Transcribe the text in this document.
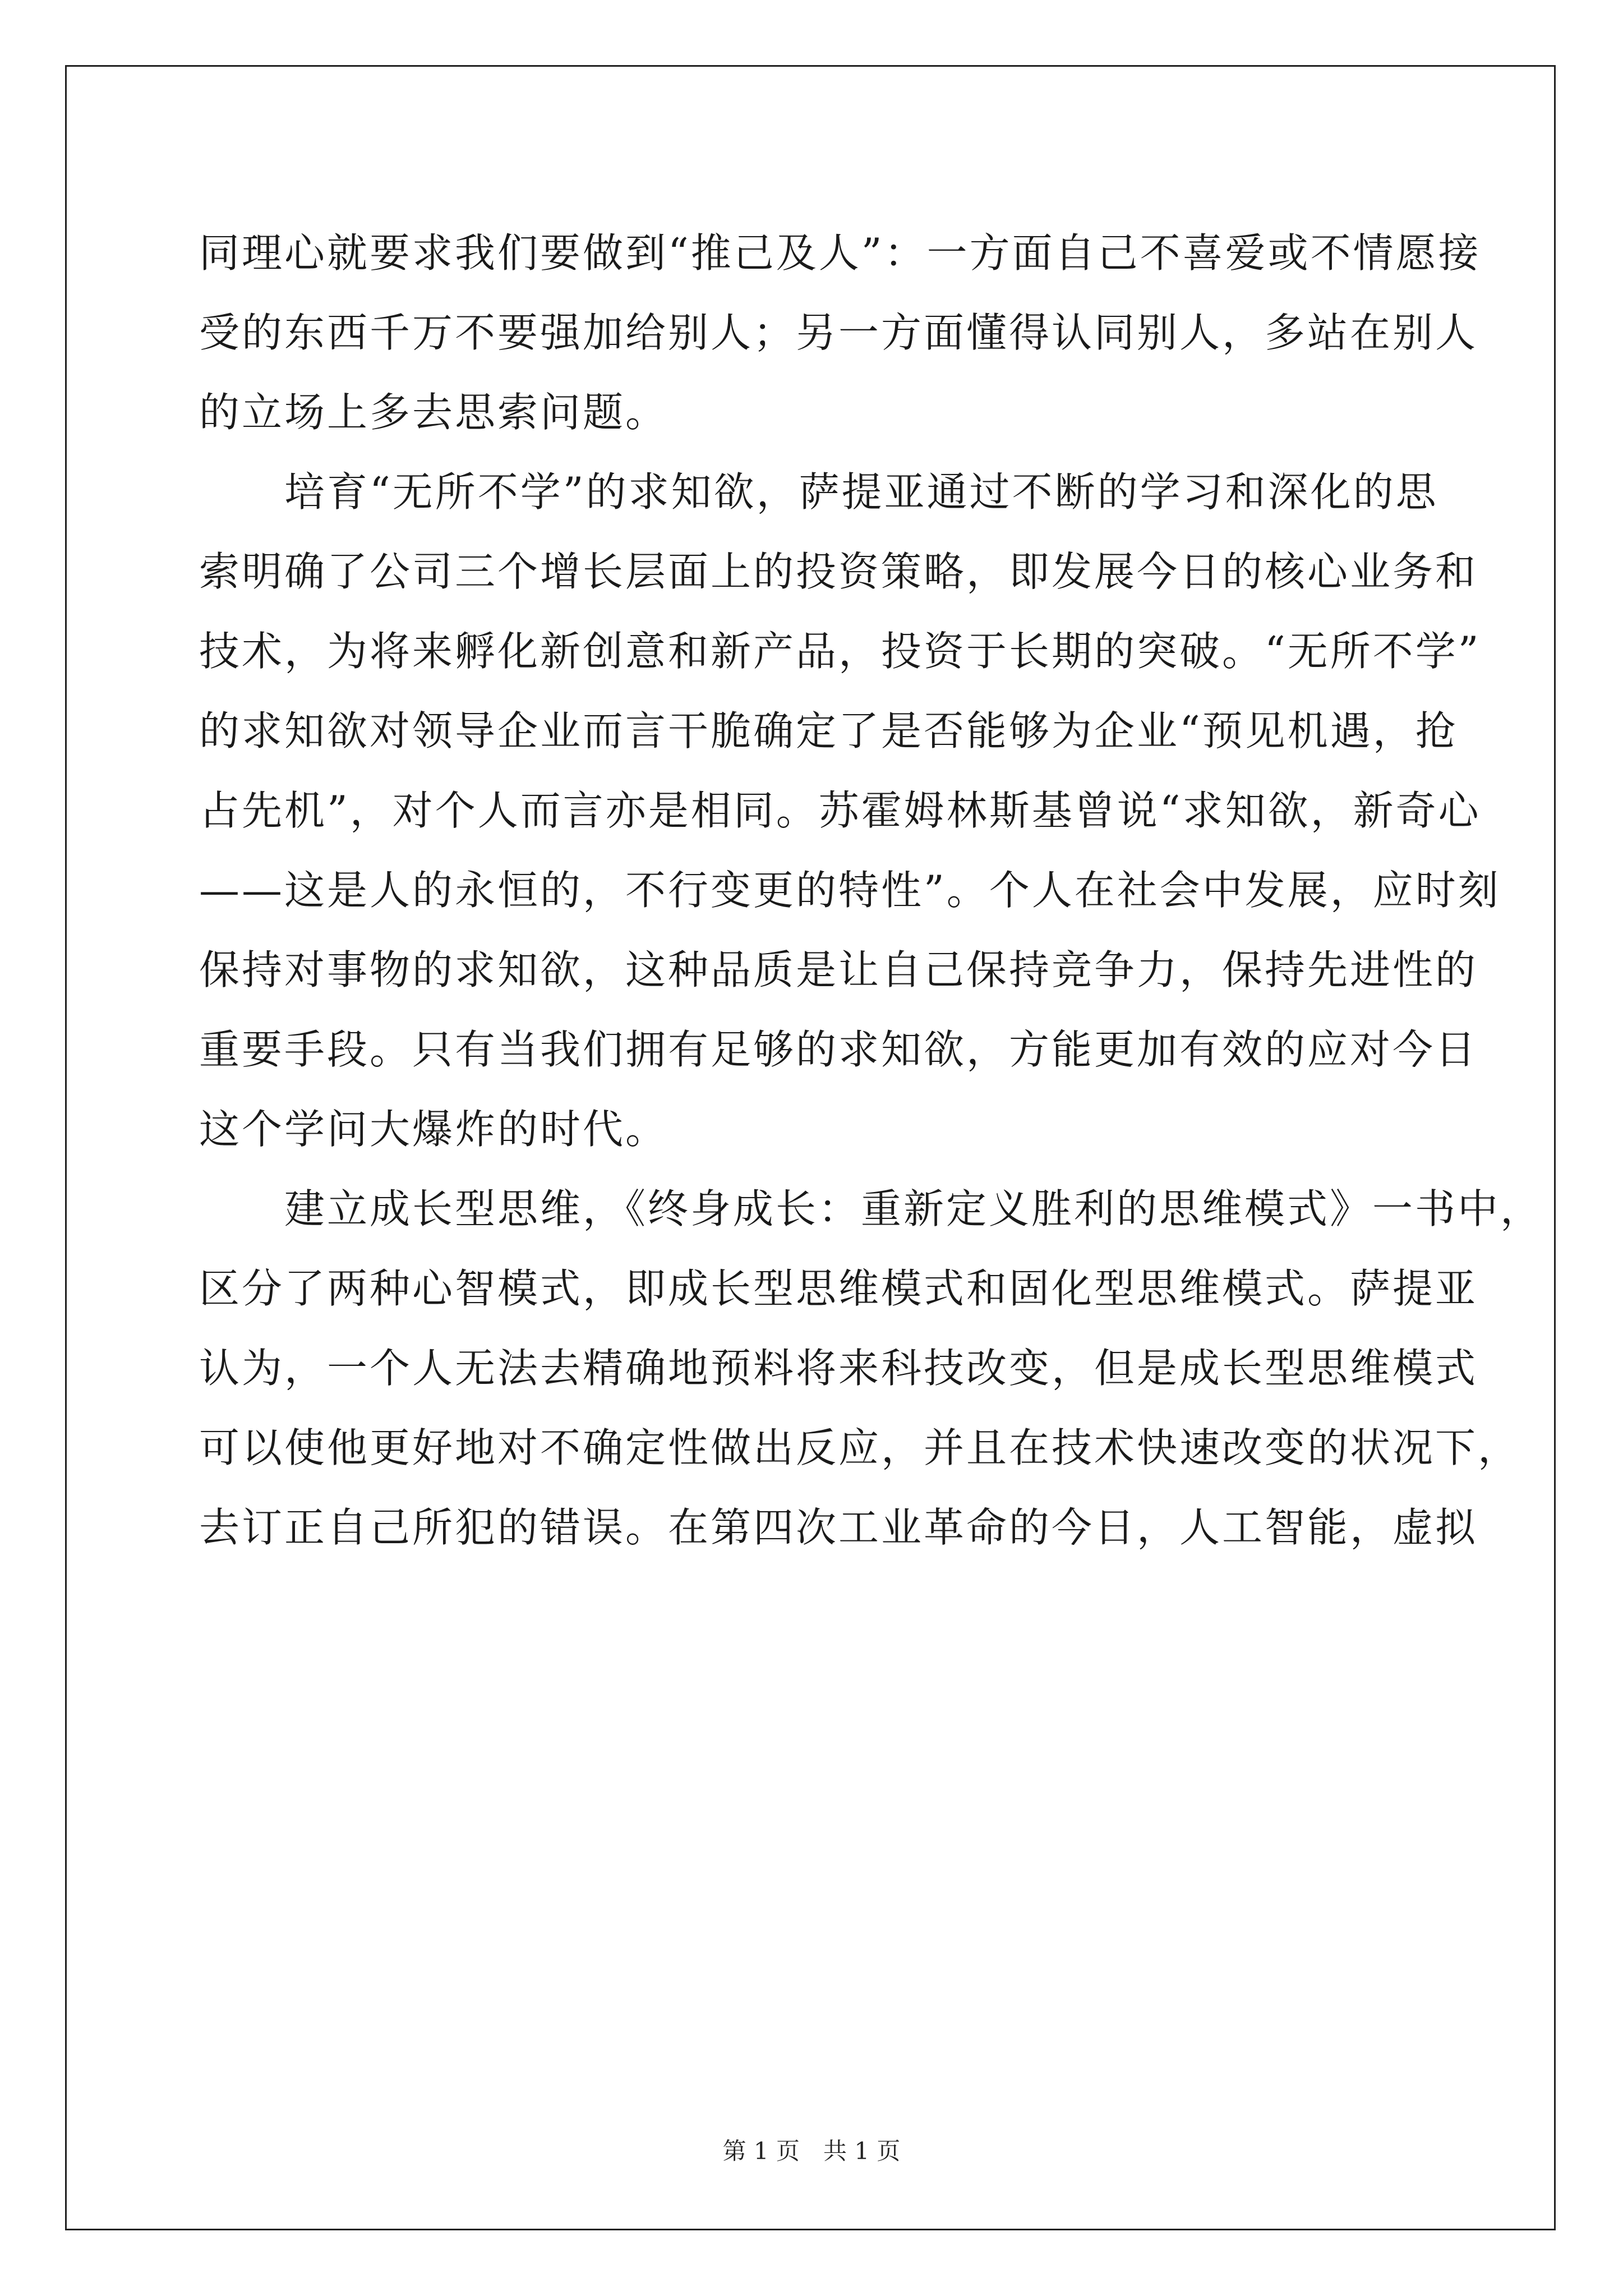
同理心就要求我们要做到“推己及人”：一方面自己不喜爱或不情愿接
受的东西千万不要强加给别人；另一方面懂得认同别人，多站在别人
的立场上多去思索问题。
　　培育“无所不学”的求知欲，萨提亚通过不断的学习和深化的思
索明确了公司三个增长层面上的投资策略，即发展今日的核心业务和
技术，为将来孵化新创意和新产品，投资于长期的突破。“无所不学”
的求知欲对领导企业而言干脆确定了是否能够为企业“预见机遇，抢
占先机”，对个人而言亦是相同。苏霍姆林斯基曾说“求知欲，新奇心
——这是人的永恒的，不行变更的特性”。个人在社会中发展，应时刻
保持对事物的求知欲，这种品质是让自己保持竞争力，保持先进性的
重要手段。只有当我们拥有足够的求知欲，方能更加有效的应对今日
这个学问大爆炸的时代。
　　建立成长型思维，《终身成长：重新定义胜利的思维模式》一书中，
区分了两种心智模式，即成长型思维模式和固化型思维模式。萨提亚
认为，一个人无法去精确地预料将来科技改变，但是成长型思维模式
可以使他更好地对不确定性做出反应，并且在技术快速改变的状况下，
去订正自己所犯的错误。在第四次工业革命的今日，人工智能，虚拟
第 1 页　共 1 页
